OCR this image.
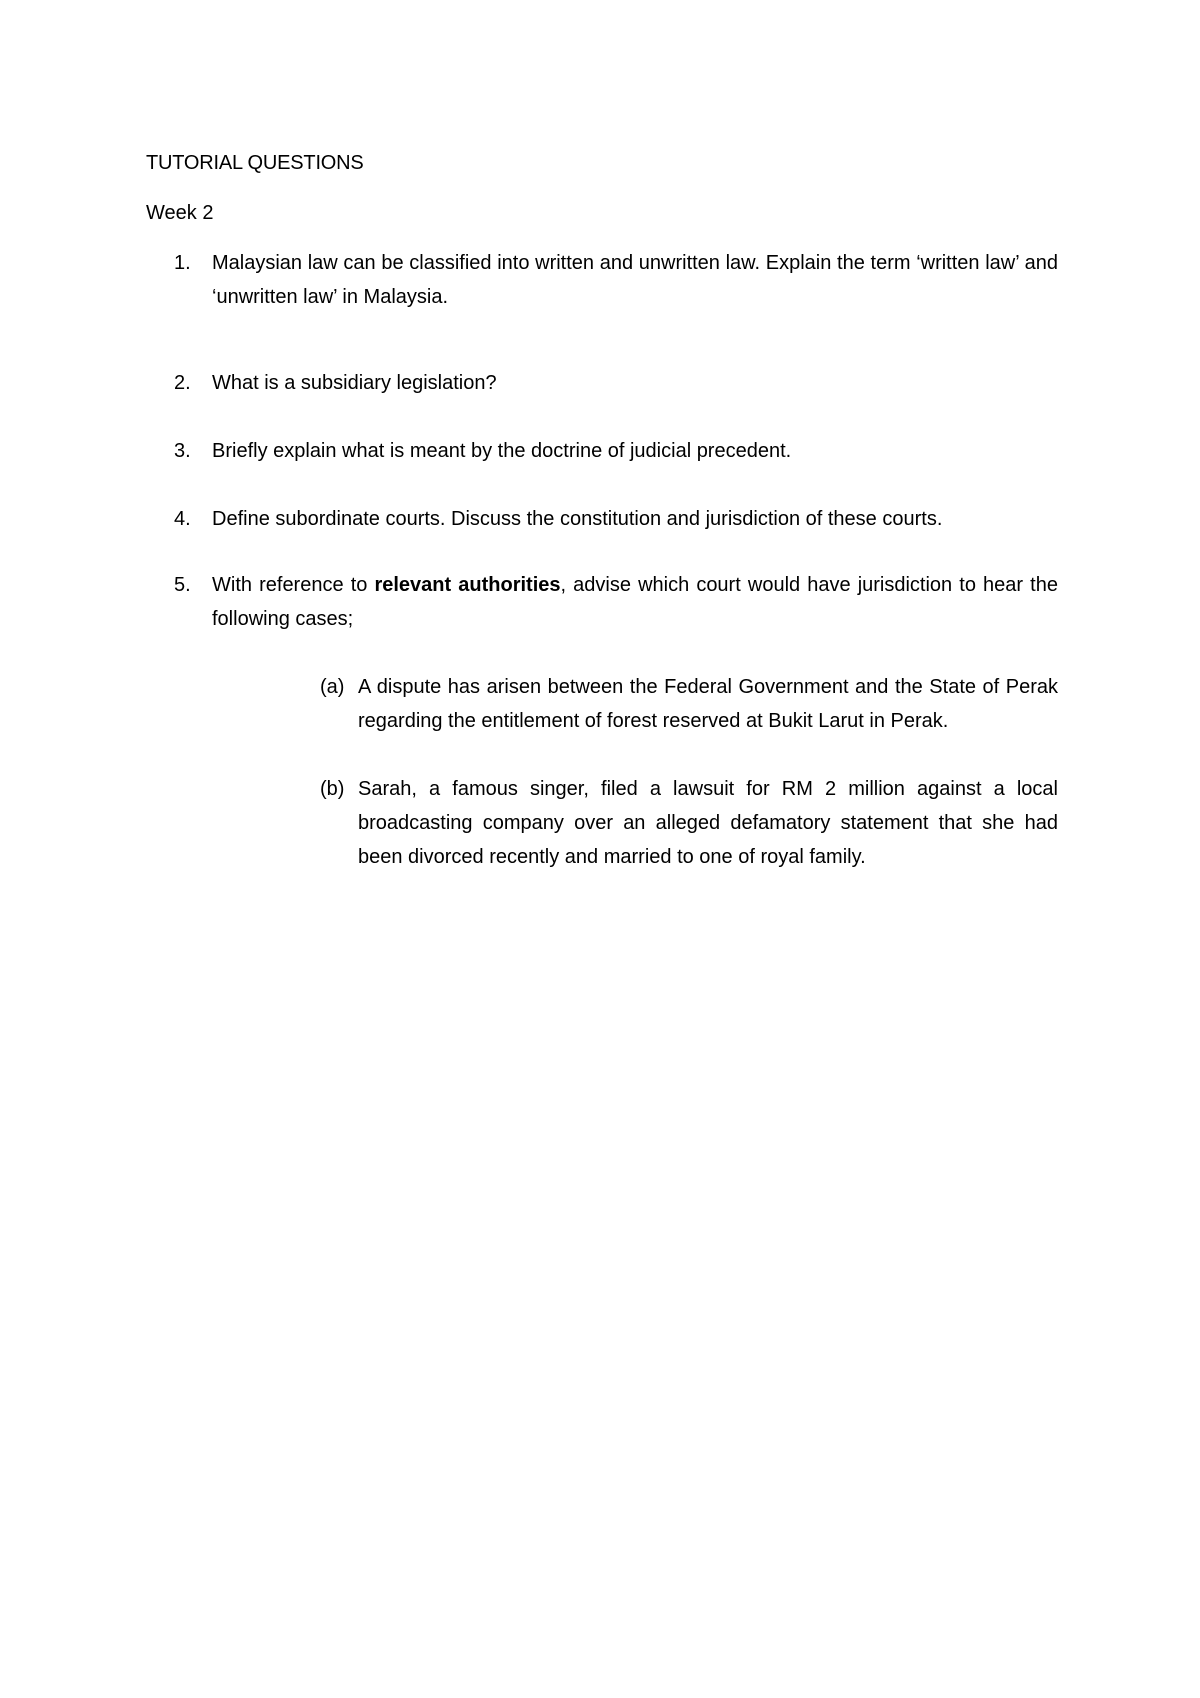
TUTORIAL QUESTIONS
Week 2
1. Malaysian law can be classified into written and unwritten law. Explain the term ‘written law’ and ‘unwritten law’ in Malaysia.

2. What is a subsidiary legislation?

3. Briefly explain what is meant by the doctrine of judicial precedent.

4. Define subordinate courts. Discuss the constitution and jurisdiction of these courts.

5. With reference to relevant authorities, advise which court would have jurisdiction to hear the following cases;

(a) A dispute has arisen between the Federal Government and the State of Perak regarding the entitlement of forest reserved at Bukit Larut in Perak.

(b) Sarah, a famous singer, filed a lawsuit for RM 2 million against a local broadcasting company over an alleged defamatory statement that she had been divorced recently and married to one of royal family.
